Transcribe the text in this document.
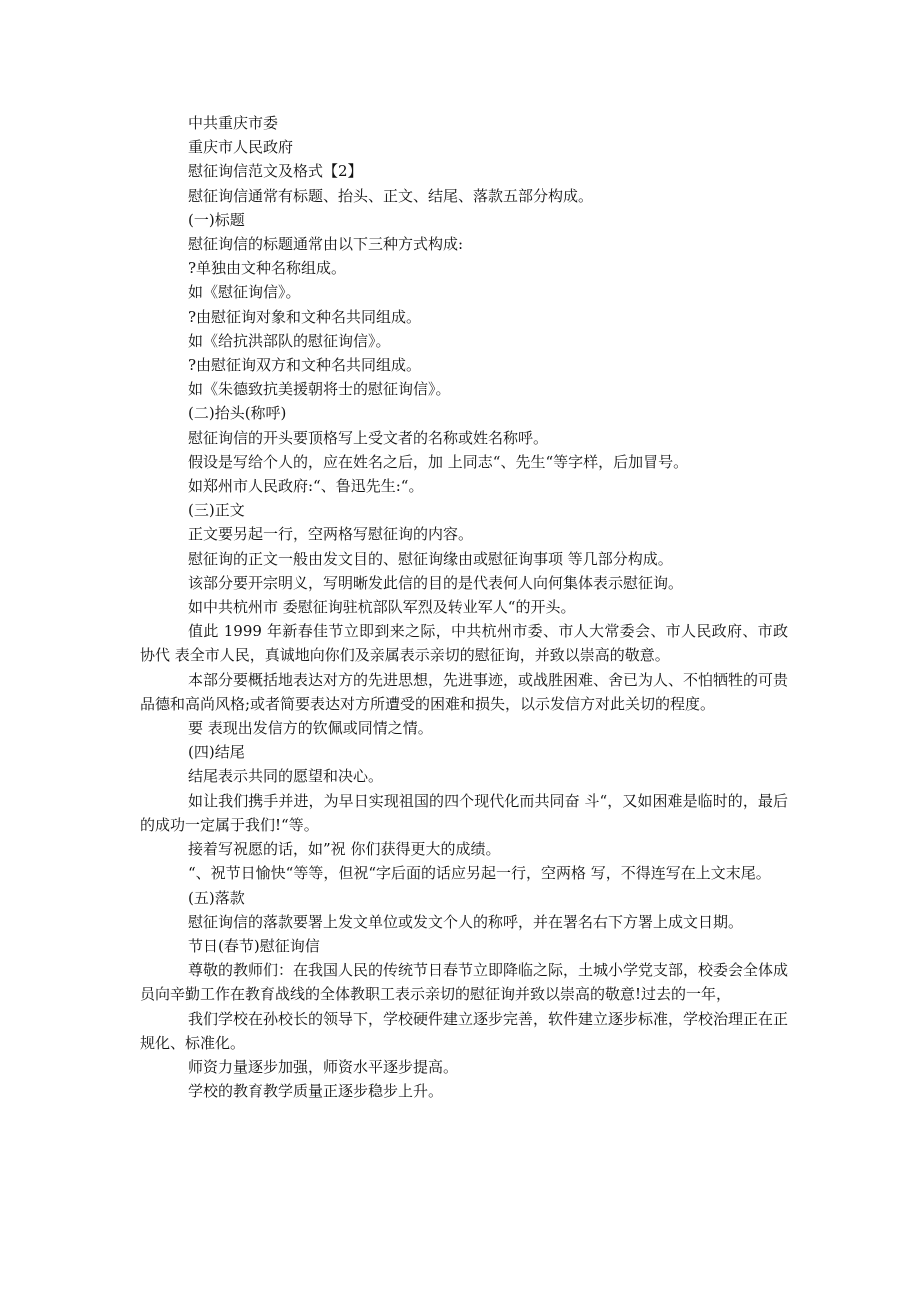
中共重庆市委

重庆市人民政府

慰征询信范文及格式【2】

慰征询信通常有标题、抬头、正文、结尾、落款五部分构成。

(一)标题

慰征询信的标题通常由以下三种方式构成:

?单独由文种名称组成。

如《慰征询信》。

?由慰征询对象和文种名共同组成。

如《给抗洪部队的慰征询信》。

?由慰征询双方和文种名共同组成。

如《朱德致抗美援朝将士的慰征询信》。

(二)抬头(称呼)

慰征询信的开头要顶格写上受文者的名称或姓名称呼。

假设是写给个人的，应在姓名之后，加 上同志“、先生“等字样，后加冒号。

如郑州市人民政府:“、鲁迅先生:“。

(三)正文

正文要另起一行，空两格写慰征询的内容。

慰征询的正文一般由发文目的、慰征询缘由或慰征询事项 等几部分构成。

该部分要开宗明义，写明晰发此信的目的是代表何人向何集体表示慰征询。

如中共杭州市 委慰征询驻杭部队军烈及转业军人“的开头。

值此 1999 年新春佳节立即到来之际，中共杭州市委、市人大常委会、市人民政府、市政协代 表全市人民，真诚地向你们及亲属表示亲切的慰征询，并致以崇高的敬意。

本部分要概括地表达对方的先进思想，先进事迹，或战胜困难、舍已为人、不怕牺牲的可贵 品德和高尚风格;或者简要表达对方所遭受的困难和损失，以示发信方对此关切的程度。

要 表现出发信方的钦佩或同情之情。

(四)结尾

结尾表示共同的愿望和决心。

如让我们携手并进，为早日实现祖国的四个现代化而共同奋 斗“，又如困难是临时的，最后的成功一定属于我们!“等。

接着写祝愿的话，如”祝 你们获得更大的成绩。

“、祝节日愉快“等等，但祝“字后面的话应另起一行，空两格 写，不得连写在上文末尾。

(五)落款

慰征询信的落款要署上发文单位或发文个人的称呼，并在署名右下方署上成文日期。

节日(春节)慰征询信

尊敬的教师们：在我国人民的传统节日春节立即降临之际，土城小学党支部，校委会全体成员向辛勤工作在教育战线的全体教职工表示亲切的慰征询并致以崇高的敬意!过去的一年，

我们学校在孙校长的领导下，学校硬件建立逐步完善，软件建立逐步标准，学校治理正在正规化、标准化。

师资力量逐步加强，师资水平逐步提高。

学校的教育教学质量正逐步稳步上升。
